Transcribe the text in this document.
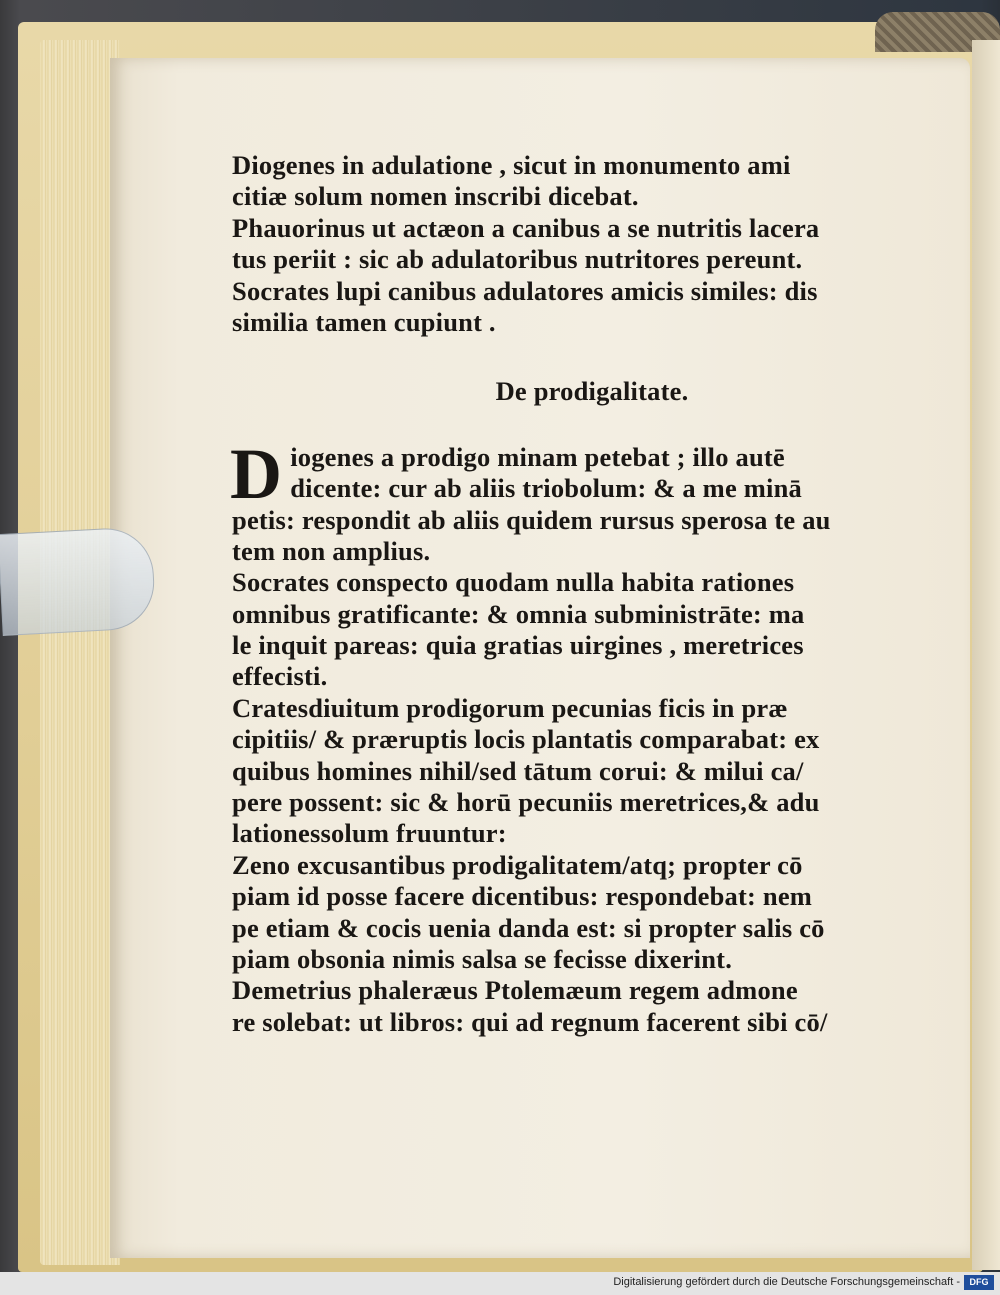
Diogenes in adulatione , sicut in monumento ami
citiæ solum nomen inscribi dicebat.
Phauorinus ut actæon a canibus a se nutritis lacera
tus periit : sic ab adulatoribus nutritores pereunt.
Socrates lupi canibus adulatores amicis similes: dis
similia tamen cupiunt .
De prodigalitate.
D iogenes a prodigo minam petebat ; illo autē
dicente: cur ab aliis triobolum: & a me minā
petis: respondit ab aliis quidem rursus sperosa te au
tem non amplius.
Socrates conspecto quodam nulla habita rationes
omnibus gratificante: & omnia subministrāte: ma
le inquit pareas: quia gratias uirgines , meretrices
effecisti.
Cratesdiuitum prodigorum pecunias ficis in præ
cipitiis/ & præruptis locis plantatis comparabat: ex
quibus homines nihil/sed tātum corui: & milui ca/
pere possent: sic & horū pecuniis meretrices,& adu
lationessolum fruuntur:
Zeno excusantibus prodigalitatem/atq; propter cō
piam id posse facere dicentibus: respondebat: nem
pe etiam & cocis uenia danda est: si propter salis cō
piam obsonia nimis salsa se fecisse dixerint.
Demetrius phaleræus Ptolemæum regem admone
re solebat: ut libros: qui ad regnum facerent sibi cō/
Digitalisierung gefördert durch die Deutsche Forschungsgemeinschaft -	DFG
